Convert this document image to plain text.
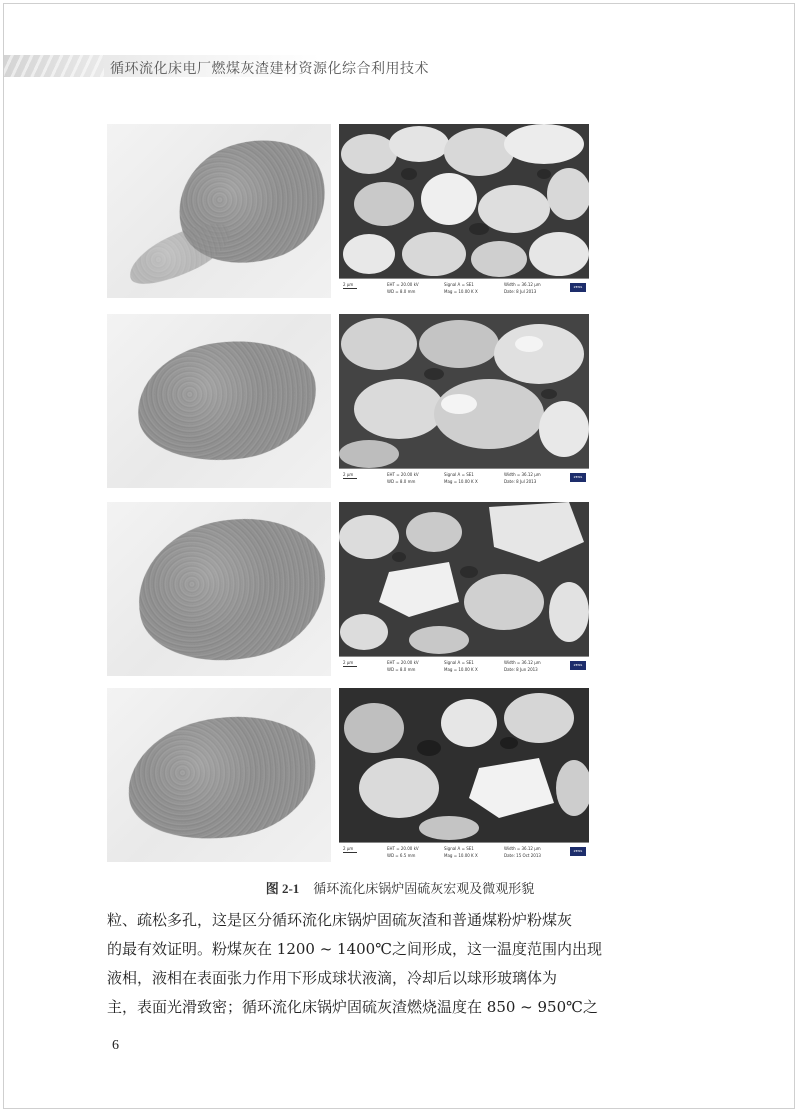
循环流化床电厂燃煤灰渣建材资源化综合利用技术
2 μm	EHT = 20.00 kV
WD = 8.0 mm
Signal A = SE1
Mag = 10.00 K X
Width = 36.12 μm
Date: 8 Jul 2013
ZEISS
2 μm	EHT = 20.00 kV
WD = 8.0 mm
Signal A = SE1
Mag = 10.00 K X
Width = 36.12 μm
Date: 8 Jul 2013
ZEISS
2 μm	EHT = 20.00 kV
WD = 8.0 mm
Signal A = SE1
Mag = 10.00 K X
Width = 36.12 μm
Date: 8 Jun 2013
ZEISS
2 μm	EHT = 20.00 kV
WD = 6.5 mm
Signal A = SE1
Mag = 10.00 K X
Width = 36.12 μm
Date: 15 Oct 2013
ZEISS
图 2-1 循环流化床锅炉固硫灰宏观及微观形貌

粒、疏松多孔，这是区分循环流化床锅炉固硫灰渣和普通煤粉炉粉煤灰

的最有效证明。粉煤灰在 1200 ~ 1400℃之间形成，这一温度范围内出现

液相，液相在表面张力作用下形成球状液滴，冷却后以球形玻璃体为

主，表面光滑致密；循环流化床锅炉固硫灰渣燃烧温度在 850 ~ 950℃之

6
